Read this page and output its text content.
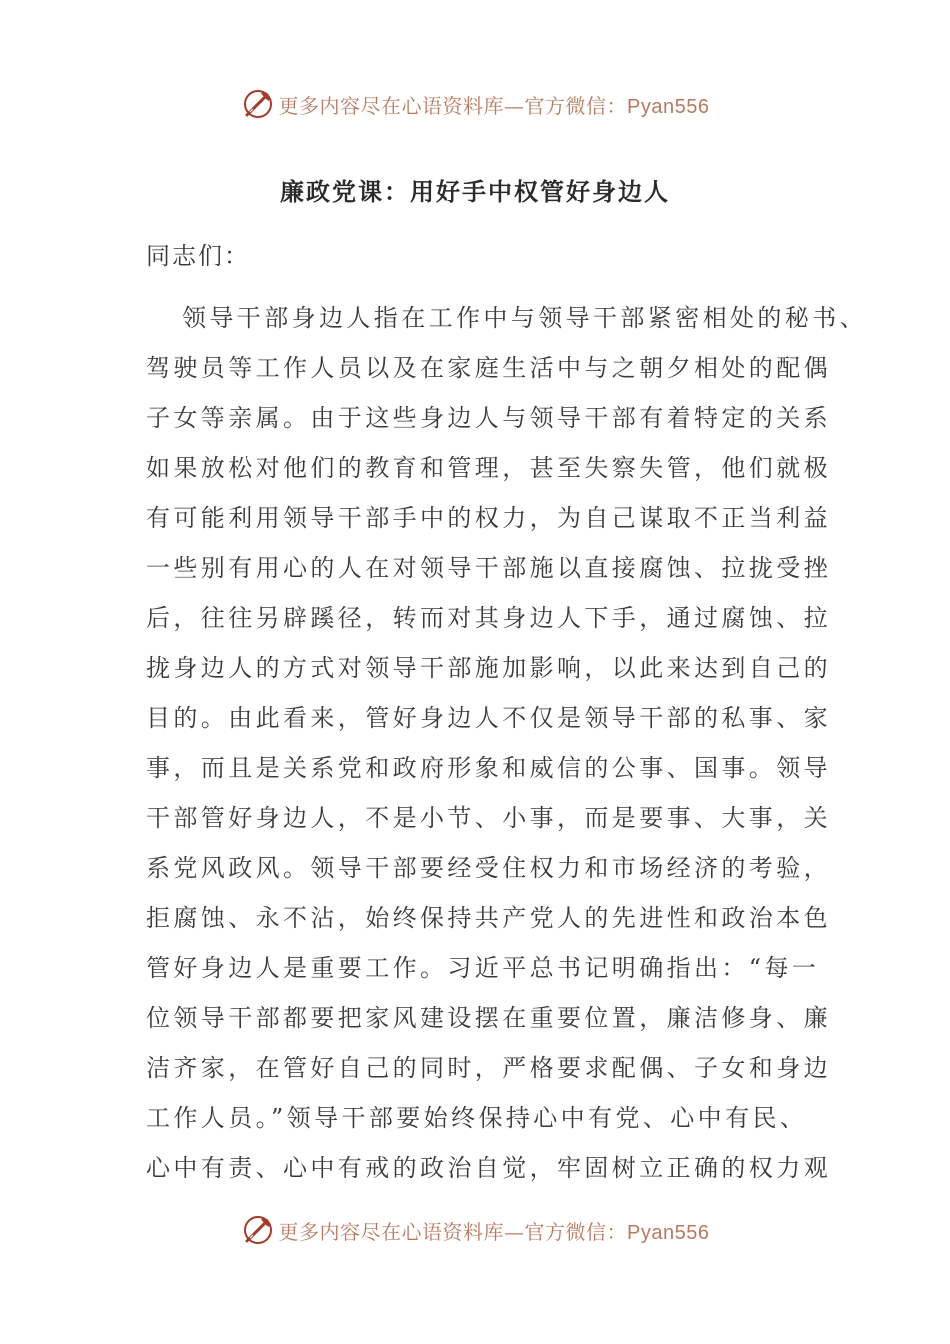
更多内容尽在心语资料库—官方微信：Pyan556
廉政党课：用好手中权管好身边人

同志们：

领导干部身边人指在工作中与领导干部紧密相处的秘书、
驾驶员等工作人员以及在家庭生活中与之朝夕相处的配偶
子女等亲属。由于这些身边人与领导干部有着特定的关系
如果放松对他们的教育和管理，甚至失察失管，他们就极
有可能利用领导干部手中的权力，为自己谋取不正当利益
一些别有用心的人在对领导干部施以直接腐蚀、拉拢受挫
后，往往另辟蹊径，转而对其身边人下手，通过腐蚀、拉
拢身边人的方式对领导干部施加影响，以此来达到自己的
目的。由此看来，管好身边人不仅是领导干部的私事、家
事，而且是关系党和政府形象和威信的公事、国事。领导
干部管好身边人，不是小节、小事，而是要事、大事，关
系党风政风。领导干部要经受住权力和市场经济的考验，
拒腐蚀、永不沾，始终保持共产党人的先进性和政治本色
管好身边人是重要工作。习近平总书记明确指出：“每一
位领导干部都要把家风建设摆在重要位置，廉洁修身、廉
洁齐家，在管好自己的同时，严格要求配偶、子女和身边
工作人员。”领导干部要始终保持心中有党、心中有民、
心中有责、心中有戒的政治自觉，牢固树立正确的权力观
更多内容尽在心语资料库—官方微信：Pyan556
